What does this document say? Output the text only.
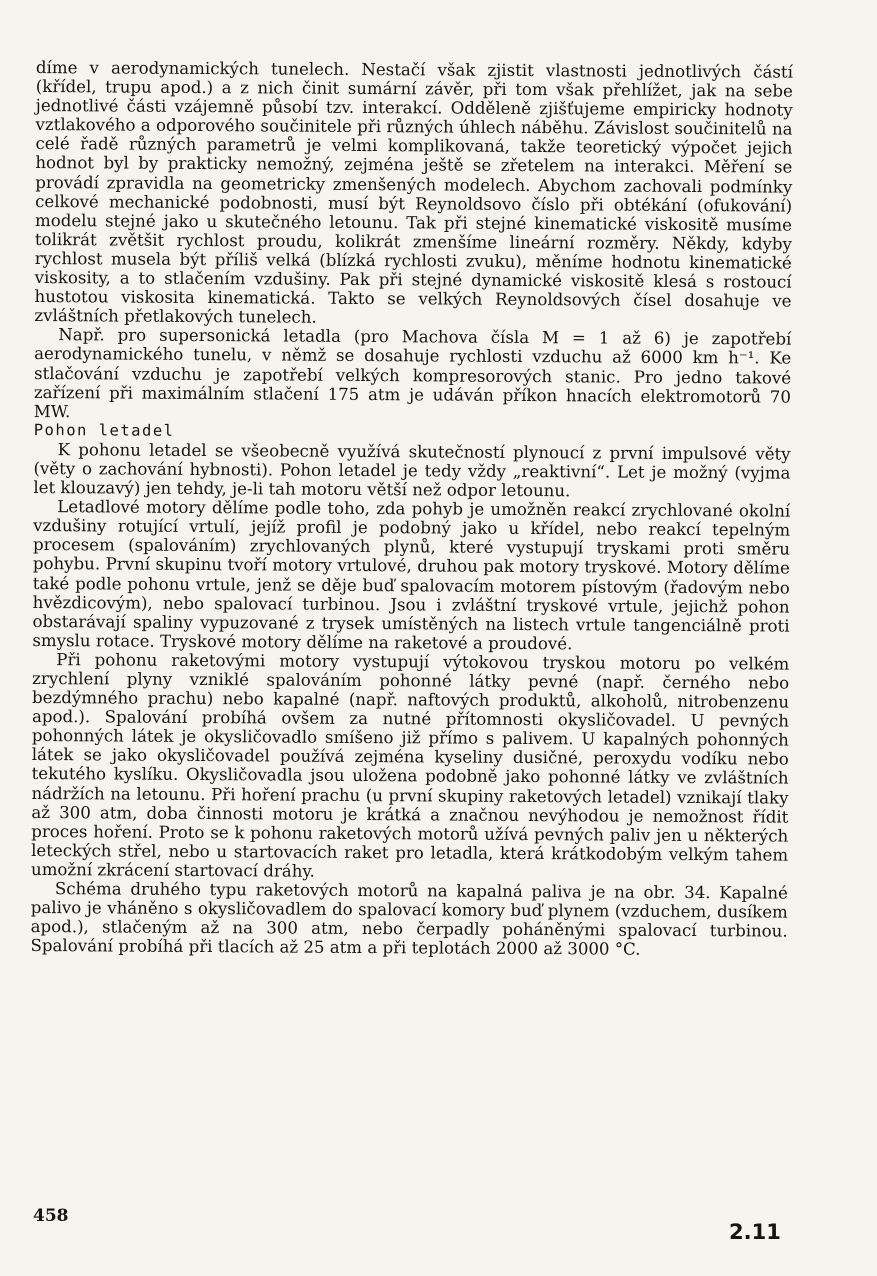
díme v aerodynamických tunelech. Nestačí však zjistit vlastnosti jednotlivých částí (křídel, trupu apod.) a z nich činit sumární závěr, při tom však přehlížet, jak na sebe jednotlivé části vzájemně působí tzv. interakcí. Odděleně zjišťujeme empiricky hodnoty vztlakového a odporového součinitele při různých úhlech náběhu. Závislost součinitelů na celé řadě různých parametrů je velmi komplikovaná, takže teoretický výpočet jejich hodnot byl by prakticky nemožný, zejména ještě se zřetelem na interakci. Měření se provádí zpravidla na geometricky zmenšených modelech. Abychom zachovali podmínky celkové mechanické podobnosti, musí být Reynoldsovo číslo při obtékání (ofukování) modelu stejné jako u skutečného letounu. Tak při stejné kinematické viskositě musíme tolikrát zvětšit rychlost proudu, kolikrát zmenšíme lineární rozměry. Někdy, kdyby rychlost musela být příliš velká (blízká rychlosti zvuku), měníme hodnotu kinematické viskosity, a to stlačením vzdušiny. Pak při stejné dynamické viskositě klesá s rostoucí hustotou viskosita kinematická. Takto se velkých Reynoldsových čísel dosahuje ve zvláštních přetlakových tunelech.

Např. pro supersonická letadla (pro Machova čísla M = 1 až 6) je zapotřebí aerodynamického tunelu, v němž se dosahuje rychlosti vzduchu až 6000 km h⁻¹. Ke stlačování vzduchu je zapotřebí velkých kompresorových stanic. Pro jedno takové zařízení při maximálním stlačení 175 atm je udáván příkon hnacích elektromotorů 70 MW.

Pohon letadel

K pohonu letadel se všeobecně využívá skutečností plynoucí z první impulsové věty (věty o zachování hybnosti). Pohon letadel je tedy vždy „reaktivní“. Let je možný (vyjma let klouzavý) jen tehdy, je-li tah motoru větší než odpor letounu.

Letadlové motory dělíme podle toho, zda pohyb je umožněn reakcí zrychlované okolní vzdušiny rotující vrtulí, jejíž profil je podobný jako u křídel, nebo reakcí tepelným procesem (spalováním) zrychlovaných plynů, které vystupují tryskami proti směru pohybu. První skupinu tvoří motory vrtulové, druhou pak motory tryskové. Motory dělíme také podle pohonu vrtule, jenž se děje buď spalovacím motorem pístovým (řadovým nebo hvězdicovým), nebo spalovací turbinou. Jsou i zvláštní tryskové vrtule, jejichž pohon obstarávají spaliny vypuzované z trysek umístěných na listech vrtule tangenciálně proti smyslu rotace. Tryskové motory dělíme na raketové a proudové.

Při pohonu raketovými motory vystupují výtokovou tryskou motoru po velkém zrychlení plyny vzniklé spalováním pohonné látky pevné (např. černého nebo bezdýmného prachu) nebo kapalné (např. naftových produktů, alkoholů, nitrobenzenu apod.). Spalování probíhá ovšem za nutné přítomnosti okysličovadel. U pevných pohonných látek je okysličovadlo smíšeno již přímo s palivem. U kapalných pohonných látek se jako okysličovadel používá zejména kyseliny dusičné, peroxydu vodíku nebo tekutého kyslíku. Okysličovadla jsou uložena podobně jako pohonné látky ve zvláštních nádržích na letounu. Při hoření prachu (u první skupiny raketových letadel) vznikají tlaky až 300 atm, doba činnosti motoru je krátká a značnou nevýhodou je nemožnost řídit proces hoření. Proto se k pohonu raketových motorů užívá pevných paliv jen u některých leteckých střel, nebo u startovacích raket pro letadla, která krátkodobým velkým tahem umožní zkrácení startovací dráhy.

Schéma druhého typu raketových motorů na kapalná paliva je na obr. 34. Kapalné palivo je vháněno s okysličovadlem do spalovací komory buď plynem (vzduchem, dusíkem apod.), stlačeným až na 300 atm, nebo čerpadly poháněnými spalovací turbinou. Spalování probíhá při tlacích až 25 atm a při teplotách 2000 až 3000 °C.

458
2.11
